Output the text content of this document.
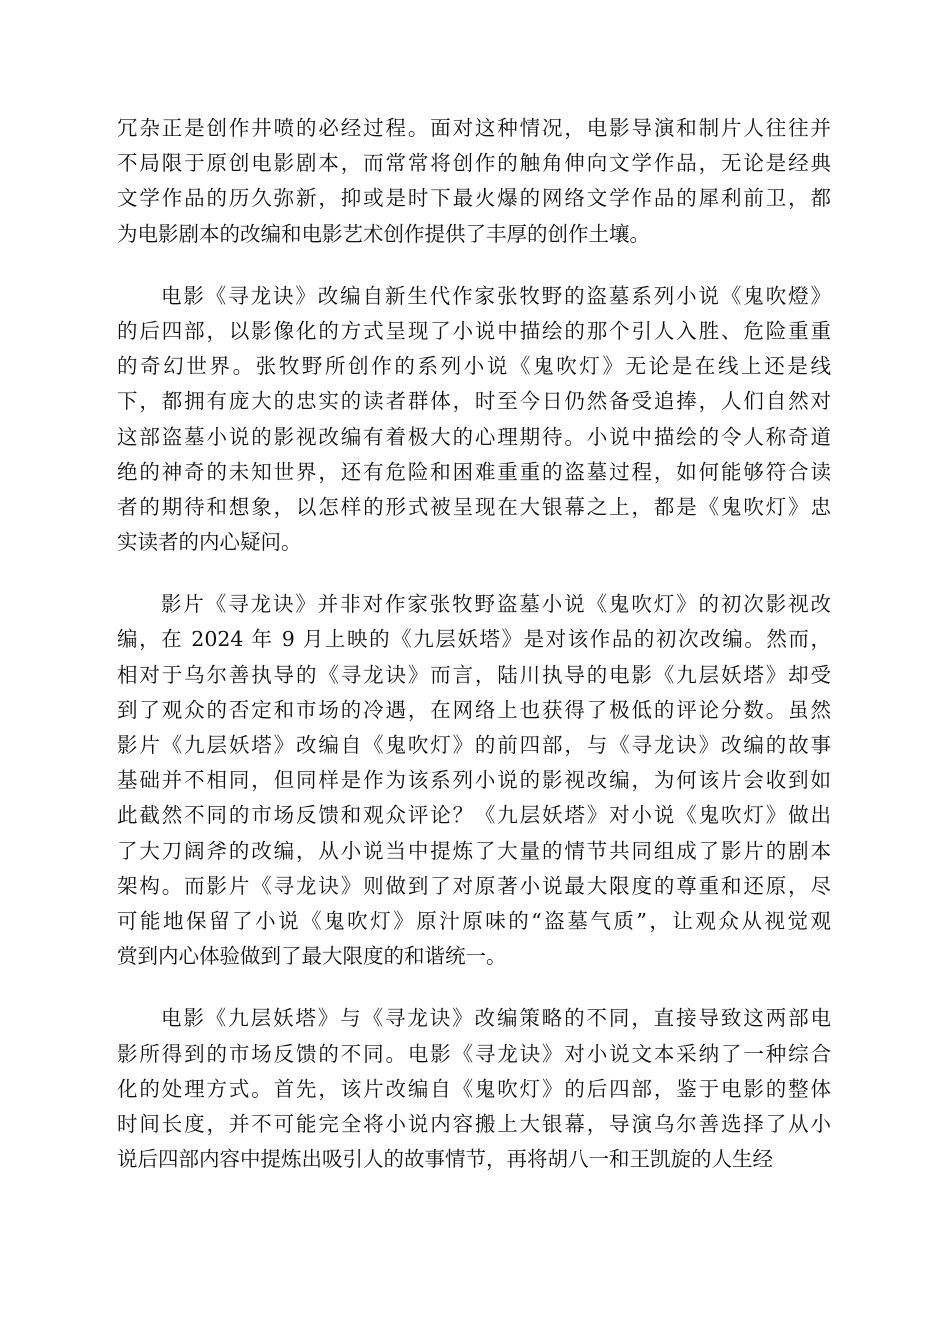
冗杂正是创作井喷的必经过程。面对这种情况，电影导演和制片人往往并
不局限于原创电影剧本，而常常将创作的触角伸向文学作品，无论是经典
文学作品的历久弥新，抑或是时下最火爆的网络文学作品的犀利前卫，都
为电影剧本的改编和电影艺术创作提供了丰厚的创作土壤。
电影《寻龙诀》改编自新生代作家张牧野的盗墓系列小说《鬼吹燈》
的后四部，以影像化的方式呈现了小说中描绘的那个引人入胜、危险重重
的奇幻世界。张牧野所创作的系列小说《鬼吹灯》无论是在线上还是线
下，都拥有庞大的忠实的读者群体，时至今日仍然备受追捧，人们自然对
这部盗墓小说的影视改编有着极大的心理期待。小说中描绘的令人称奇道
绝的神奇的未知世界，还有危险和困难重重的盗墓过程，如何能够符合读
者的期待和想象，以怎样的形式被呈现在大银幕之上，都是《鬼吹灯》忠
实读者的内心疑问。
影片《寻龙诀》并非对作家张牧野盗墓小说《鬼吹灯》的初次影视改
编，在 2024 年 9 月上映的《九层妖塔》是对该作品的初次改编。然而，
相对于乌尔善执导的《寻龙诀》而言，陆川执导的电影《九层妖塔》却受
到了观众的否定和市场的冷遇，在网络上也获得了极低的评论分数。虽然
影片《九层妖塔》改编自《鬼吹灯》的前四部，与《寻龙诀》改编的故事
基础并不相同，但同样是作为该系列小说的影视改编，为何该片会收到如
此截然不同的市场反馈和观众评论？《九层妖塔》对小说《鬼吹灯》做出
了大刀阔斧的改编，从小说当中提炼了大量的情节共同组成了影片的剧本
架构。而影片《寻龙诀》则做到了对原著小说最大限度的尊重和还原，尽
可能地保留了小说《鬼吹灯》原汁原味的“盗墓气质”，让观众从视觉观
赏到内心体验做到了最大限度的和谐统一。
电影《九层妖塔》与《寻龙诀》改编策略的不同，直接导致这两部电
影所得到的市场反馈的不同。电影《寻龙诀》对小说文本采纳了一种综合
化的处理方式。首先，该片改编自《鬼吹灯》的后四部，鉴于电影的整体
时间长度，并不可能完全将小说内容搬上大银幕，导演乌尔善选择了从小
说后四部内容中提炼出吸引人的故事情节，再将胡八一和王凯旋的人生经
